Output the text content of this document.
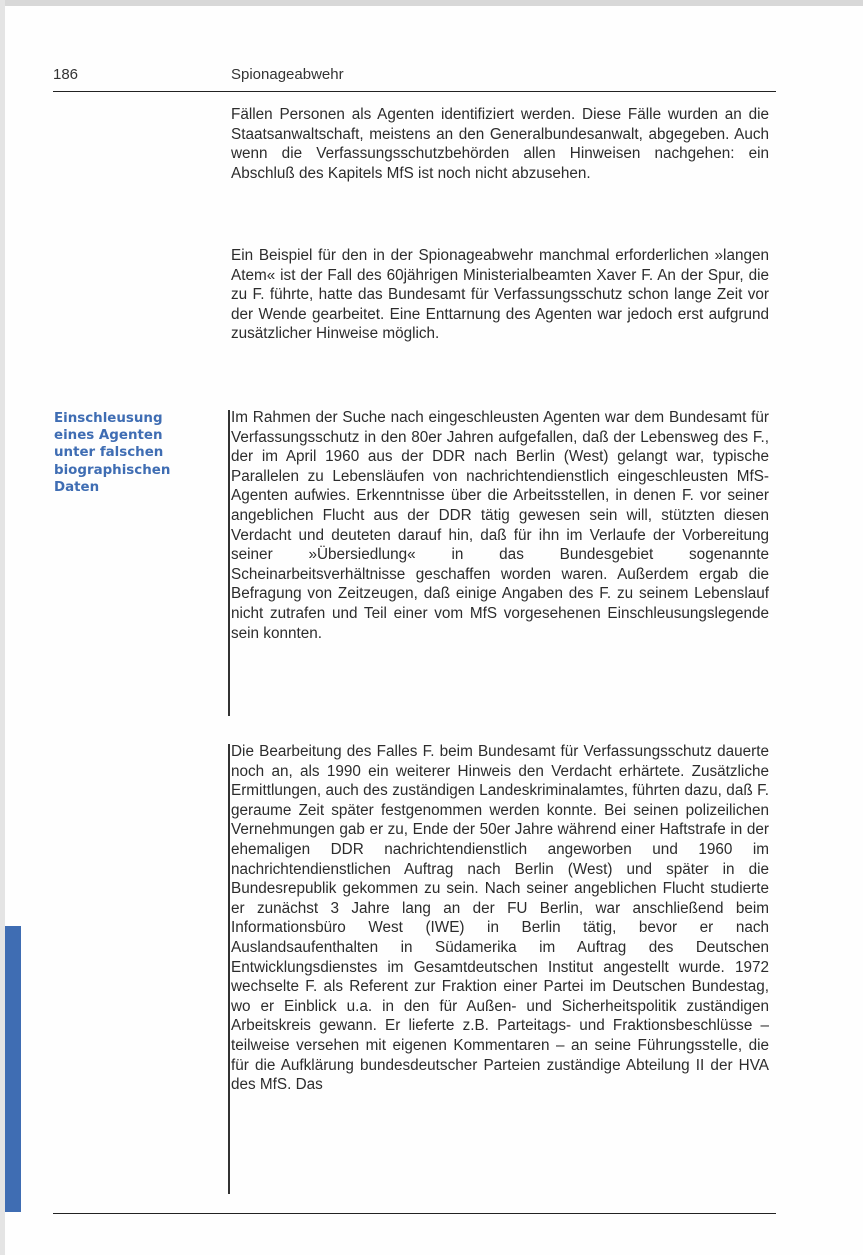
186	Spionageabwehr
Einschleusung
eines Agenten
unter falschen
biographischen
Daten

Fällen Personen als Agenten identifiziert werden. Diese Fälle wurden an die Staatsanwaltschaft, meistens an den Generalbundesanwalt, abgegeben. Auch wenn die Verfassungsschutzbehörden allen Hinweisen nachgehen: ein Abschluß des Kapitels MfS ist noch nicht abzusehen.

Ein Beispiel für den in der Spionageabwehr manchmal erforderlichen »langen Atem« ist der Fall des 60jährigen Ministerialbeamten Xaver F. An der Spur, die zu F. führte, hatte das Bundesamt für Verfassungsschutz schon lange Zeit vor der Wende gearbeitet. Eine Enttarnung des Agenten war jedoch erst aufgrund zusätzlicher Hinweise möglich.

Im Rahmen der Suche nach eingeschleusten Agenten war dem Bundesamt für Verfassungsschutz in den 80er Jahren aufgefallen, daß der Lebensweg des F., der im April 1960 aus der DDR nach Berlin (West) gelangt war, typische Parallelen zu Lebensläufen von nachrichtendienstlich eingeschleusten MfS-Agenten aufwies. Erkenntnisse über die Arbeitsstellen, in denen F. vor seiner angeblichen Flucht aus der DDR tätig gewesen sein will, stützten diesen Verdacht und deuteten darauf hin, daß für ihn im Verlaufe der Vorbereitung seiner »Übersiedlung« in das Bundesgebiet sogenannte Scheinarbeitsverhältnisse geschaffen worden waren. Außerdem ergab die Befragung von Zeitzeugen, daß einige Angaben des F. zu seinem Lebenslauf nicht zutrafen und Teil einer vom MfS vorgesehenen Einschleusungslegende sein konnten.

Die Bearbeitung des Falles F. beim Bundesamt für Verfassungsschutz dauerte noch an, als 1990 ein weiterer Hinweis den Verdacht erhärtete. Zusätzliche Ermittlungen, auch des zuständigen Landeskriminalamtes, führten dazu, daß F. geraume Zeit später festgenommen werden konnte. Bei seinen polizeilichen Vernehmungen gab er zu, Ende der 50er Jahre während einer Haftstrafe in der ehemaligen DDR nachrichtendienstlich angeworben und 1960 im nachrichtendienstlichen Auftrag nach Berlin (West) und später in die Bundesrepublik gekommen zu sein. Nach seiner angeblichen Flucht studierte er zunächst 3 Jahre lang an der FU Berlin, war anschließend beim Informationsbüro West (IWE) in Berlin tätig, bevor er nach Auslandsaufenthalten in Südamerika im Auftrag des Deutschen Entwicklungsdienstes im Gesamtdeutschen Institut angestellt wurde. 1972 wechselte F. als Referent zur Fraktion einer Partei im Deutschen Bundestag, wo er Einblick u.a. in den für Außen- und Sicherheitspolitik zuständigen Arbeitskreis gewann. Er lieferte z.B. Parteitags- und Fraktionsbeschlüsse – teilweise versehen mit eigenen Kommentaren – an seine Führungsstelle, die für die Aufklärung bundesdeutscher Parteien zuständige Abteilung II der HVA des MfS. Das
